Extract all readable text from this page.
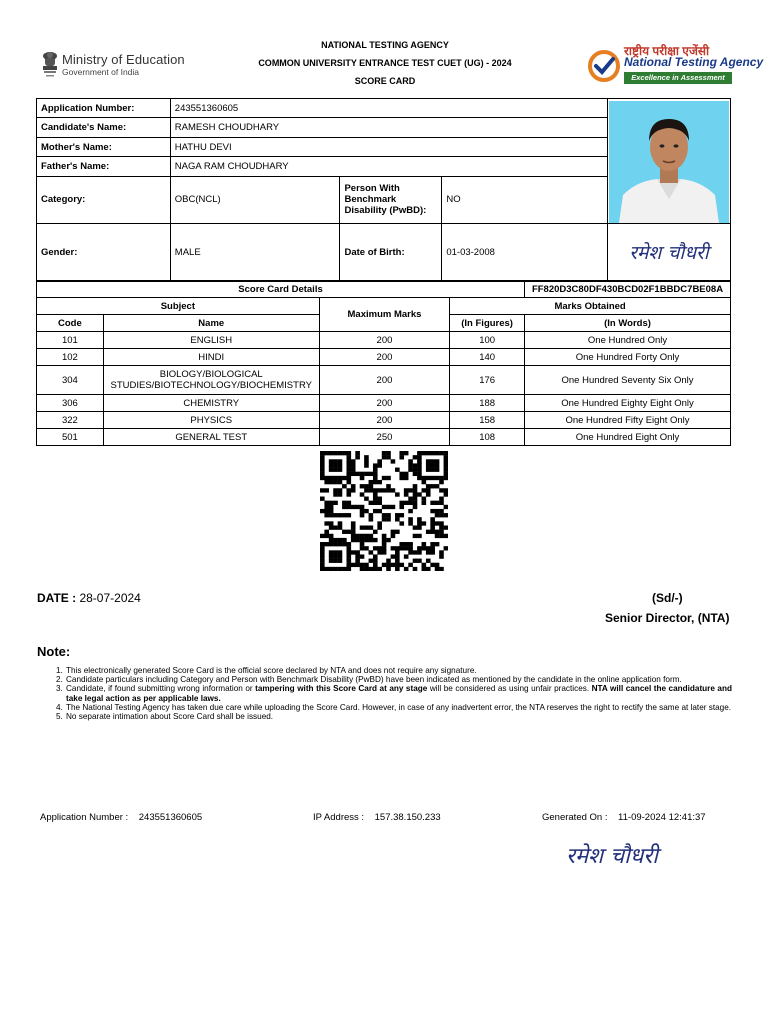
Ministry of Education
Government of India
NATIONAL TESTING AGENCY
COMMON UNIVERSITY ENTRANCE TEST CUET (UG) - 2024
SCORE CARD
राष्ट्रीय परीक्षा एजेंसी
National Testing Agency
Excellence in Assessment
Application Number:	243551360605	

Candidate's Name:	RAMESH CHOUDHARY			
Mother's Name:	HATHU DEVI			
Father's Name:	NAGA RAM CHOUDHARY			
Category:	OBC(NCL)	Person With Benchmark Disability (PwBD):	NO	
Gender:	MALE	Date of Birth:	01-03-2008	रमेश चौधरी
Score Card Details				FF820D3C80DF430BCD02F1BBDC7BE08A
Subject		Maximum Marks	Marks Obtained	
Code	Name		(In Figures)	(In Words)
101	ENGLISH	200	100	One Hundred Only
102	HINDI	200	140	One Hundred Forty Only
304	BIOLOGY/BIOLOGICAL STUDIES/BIOTECHNOLOGY/BIOCHEMISTRY	200	176	One Hundred Seventy Six Only
306	CHEMISTRY	200	188	One Hundred Eighty Eight Only
322	PHYSICS	200	158	One Hundred Fifty Eight Only
501	GENERAL TEST	250	108	One Hundred Eight Only
DATE : 28-07-2024	(Sd/-)
Senior Director, (NTA)
Note:
1. This electronically generated Score Card is the official score declared by NTA and does not require any signature.
2. Candidate particulars including Category and Person with Benchmark Disability (PwBD) have been indicated as mentioned by the candidate in the online application form.
3. Candidate, if found submitting wrong information or tampering with this Score Card at any stage will be considered as using unfair practices. NTA will cancel the candidature and take legal action as per applicable laws.
4. The National Testing Agency has taken due care while uploading the Score Card. However, in case of any inadvertent error, the NTA reserves the right to rectify the same at later stage.
5. No separate intimation about Score Card shall be issued.
Application Number : 243551360605	IP Address : 157.38.150.233	Generated On : 11-09-2024 12:41:37
रमेश चौधरी
